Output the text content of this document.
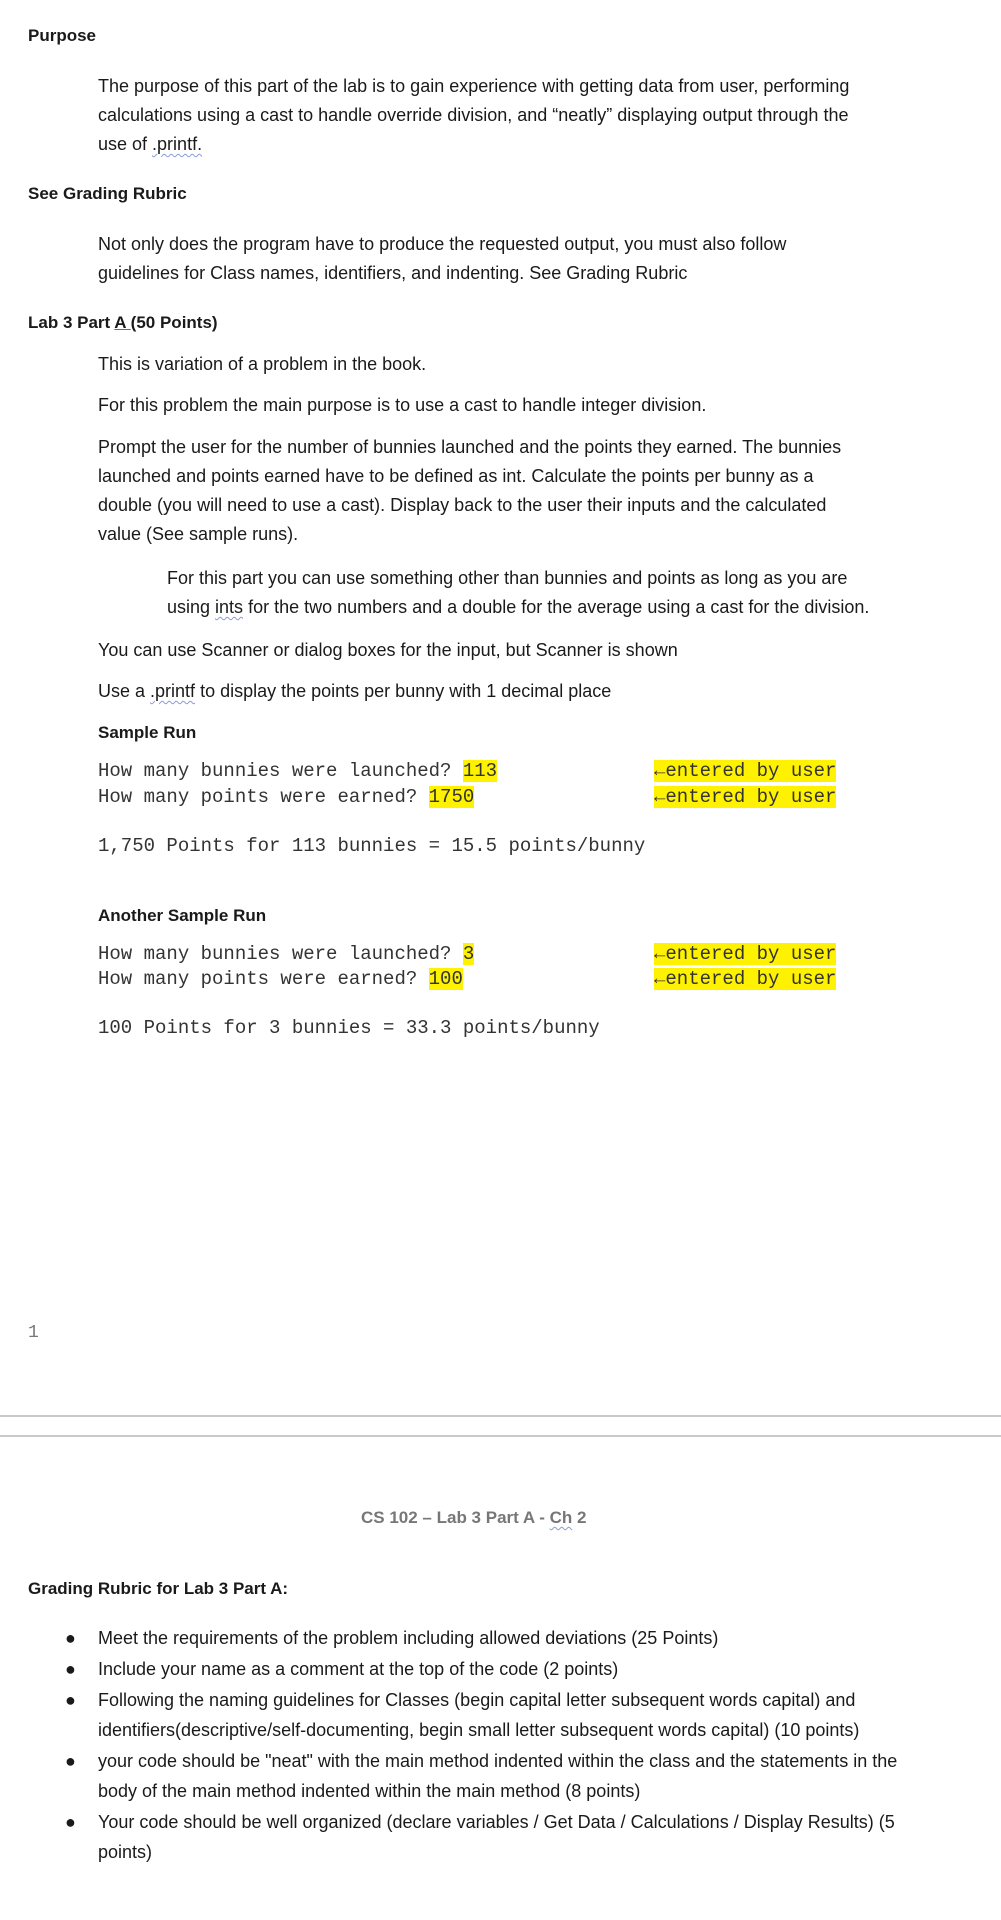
Purpose
The purpose of this part of the lab is to gain experience with getting data from user, performing
calculations using a cast to handle override division, and “neatly” displaying output through the
use of .printf.
See Grading Rubric
Not only does the program have to produce the requested output, you must also follow
guidelines for Class names, identifiers, and indenting. See Grading Rubric
Lab 3 Part A (50 Points)
This is variation of a problem in the book.
For this problem the main purpose is to use a cast to handle integer division.
Prompt the user for the number of bunnies launched and the points they earned. The bunnies
launched and points earned have to be defined as int. Calculate the points per bunny as a
double (you will need to use a cast). Display back to the user their inputs and the calculated
value (See sample runs).
For this part you can use something other than bunnies and points as long as you are
using ints for the two numbers and a double for the average using a cast for the division.
You can use Scanner or dialog boxes for the input, but Scanner is shown
Use a .printf to display the points per bunny with 1 decimal place
Sample Run
How many bunnies were launched? 113
How many points were earned? 1750
←entered by user
←entered by user
1,750 Points for 113 bunnies = 15.5 points/bunny
Another Sample Run
How many bunnies were launched? 3
How many points were earned? 100
←entered by user
←entered by user
100 Points for 3 bunnies = 33.3 points/bunny
1
CS 102 – Lab 3 Part A - Ch 2
Grading Rubric for Lab 3 Part A:
● Meet the requirements of the problem including allowed deviations (25 Points)
● Include your name as a comment at the top of the code (2 points)
● Following the naming guidelines for Classes (begin capital letter subsequent words capital) and identifiers(descriptive/self-documenting, begin small letter subsequent words capital) (10 points)
● your code should be "neat" with the main method indented within the class and the statements in the body of the main method indented within the main method (8 points)
● Your code should be well organized (declare variables / Get Data / Calculations / Display Results) (5 points)
